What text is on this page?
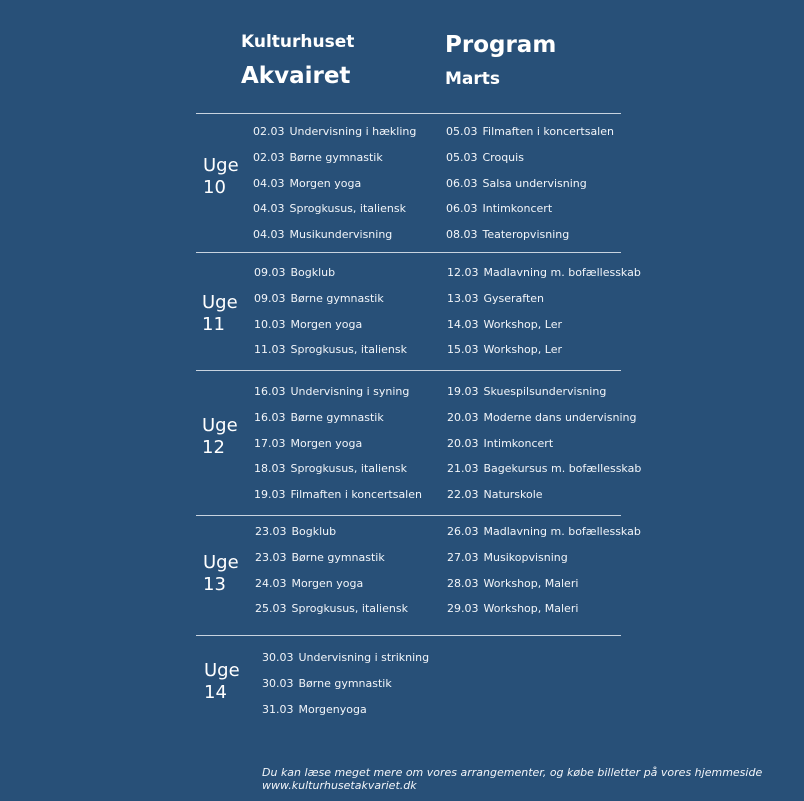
Kulturhuset
Akvairet
Program
Marts
Uge
10
02.03 Undervisning i hækling
02.03 Børne gymnastik
04.03 Morgen yoga
04.03 Sprogkusus, italiensk
04.03 Musikundervisning
05.03 Filmaften i koncertsalen
05.03 Croquis
06.03 Salsa undervisning
06.03 Intimkoncert
08.03 Teateropvisning
Uge
11
09.03 Bogklub
09.03 Børne gymnastik
10.03 Morgen yoga
11.03 Sprogkusus, italiensk
12.03 Madlavning m. bofællesskab
13.03 Gyseraften
14.03 Workshop, Ler
15.03 Workshop, Ler
Uge
12
16.03 Undervisning i syning
16.03 Børne gymnastik
17.03 Morgen yoga
18.03 Sprogkusus, italiensk
19.03 Filmaften i koncertsalen
19.03 Skuespilsundervisning
20.03 Moderne dans undervisning
20.03 Intimkoncert
21.03 Bagekursus m. bofællesskab
22.03 Naturskole
Uge
13
23.03 Bogklub
23.03 Børne gymnastik
24.03 Morgen yoga
25.03 Sprogkusus, italiensk
26.03 Madlavning m. bofællesskab
27.03 Musikopvisning
28.03 Workshop, Maleri
29.03 Workshop, Maleri
Uge
14
30.03 Undervisning i strikning
30.03 Børne gymnastik
31.03 Morgenyoga
Du kan læse meget mere om vores arrangementer, og købe billetter på vores hjemmeside
www.kulturhusetakvariet.dk
